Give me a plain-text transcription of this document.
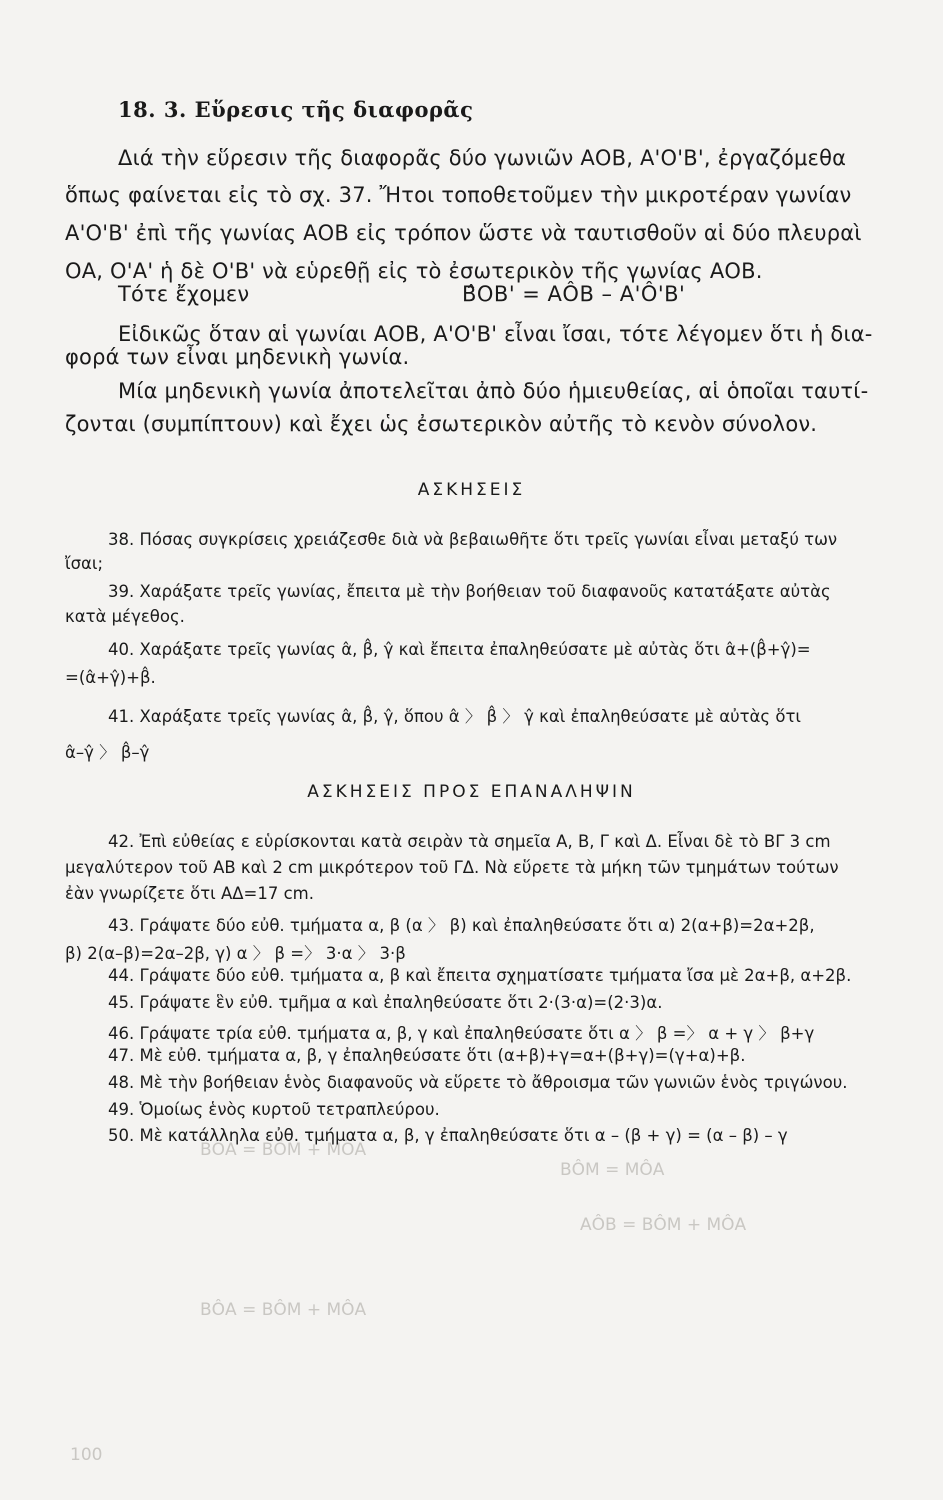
ΒÔΜ = ΜÔΑ
ΒÔΑ = ΒÔΜ + ΜÔΑ
ΑÔΒ = ΒÔΜ + ΜÔΑ
ΒÔΑ = ΒÔΜ + ΜÔΑ
100
18. 3. Εὕρεσις τῆς διαφορᾶς
Διά τὴν εὕρεσιν τῆς διαφορᾶς δύο γωνιῶν ΑΟΒ, Α'Ο'Β', ἐργαζόμεθα
ὅπως φαίνεται εἰς τὸ σχ. 37. Ἤτοι τοποθετοῦμεν τὴν μικροτέραν γωνίαν
Α'Ο'Β' ἐπὶ τῆς γωνίας ΑΟΒ εἰς τρόπον ὥστε νὰ ταυτισθοῦν αἱ δύο πλευραὶ
ΟΑ, Ο'Α' ἡ δὲ Ο'Β' νὰ εὑρεθῇ εἰς τὸ ἐσωτερικὸν τῆς γωνίας ΑΟΒ.
Τότε ἔχομεν	Β̂ΟΒ' = ΑÔΒ – Α'Ô'Β'
Εἰδικῶς ὅταν αἱ γωνίαι ΑΟΒ, Α'Ο'Β' εἶναι ἴσαι, τότε λέγομεν ὅτι ἡ δια-
φορά των εἶναι μηδενικὴ γωνία.
Μία μηδενικὴ γωνία ἀποτελεῖται ἀπὸ δύο ἡμιευθείας, αἱ ὁποῖαι ταυτί-
ζονται (συμπίπτουν) καὶ ἔχει ὡς ἐσωτερικὸν αὐτῆς τὸ κενὸν σύνολον.
ΑΣΚΗΣΕΙΣ
38. Πόσας συγκρίσεις χρειάζεσθε διὰ νὰ βεβαιωθῆτε ὅτι τρεῖς γωνίαι εἶναι μεταξύ των
ἴσαι;
39. Χαράξατε τρεῖς γωνίας, ἔπειτα μὲ τὴν βοήθειαν τοῦ διαφανοῦς κατατάξατε αὐτὰς
κατὰ μέγεθος.
40. Χαράξατε τρεῖς γωνίας α̂, β̂, γ̂ καὶ ἔπειτα ἐπαληθεύσατε μὲ αὐτὰς ὅτι α̂+(β̂+γ̂)=
=(α̂+γ̂)+β̂.
41. Χαράξατε τρεῖς γωνίας α̂, β̂, γ̂, ὅπου α̂ 〉 β̂ 〉 γ̂ καὶ ἐπαληθεύσατε μὲ αὐτὰς ὅτι
α̂–γ̂ 〉 β̂–γ̂
ΑΣΚΗΣΕΙΣ ΠΡΟΣ ΕΠΑΝΑΛΗΨΙΝ
42. Ἐπὶ εὐθείας ε εὑρίσκονται κατὰ σειρὰν τὰ σημεῖα Α, Β, Γ καὶ Δ. Εἶναι δὲ τὸ ΒΓ 3 cm
μεγαλύτερον τοῦ ΑΒ καὶ 2 cm μικρότερον τοῦ ΓΔ. Νὰ εὕρετε τὰ μήκη τῶν τμημάτων τούτων
ἐὰν γνωρίζετε ὅτι ΑΔ=17 cm.
43. Γράψατε δύο εὐθ. τμήματα α, β (α 〉 β) καὶ ἐπαληθεύσατε ὅτι α) 2(α+β)=2α+2β,
β) 2(α–β)=2α–2β, γ) α 〉 β =〉 3·α 〉 3·β
44. Γράψατε δύο εὐθ. τμήματα α, β καὶ ἔπειτα σχηματίσατε τμήματα ἴσα μὲ 2α+β, α+2β.
45. Γράψατε ἓν εὐθ. τμῆμα α καὶ ἐπαληθεύσατε ὅτι 2·(3·α)=(2·3)α.
46. Γράψατε τρία εὐθ. τμήματα α, β, γ καὶ ἐπαληθεύσατε ὅτι α 〉 β =〉 α + γ 〉 β+γ
47. Μὲ εὐθ. τμήματα α, β, γ ἐπαληθεύσατε ὅτι (α+β)+γ=α+(β+γ)=(γ+α)+β.
48. Μὲ τὴν βοήθειαν ἑνὸς διαφανοῦς νὰ εὕρετε τὸ ἄθροισμα τῶν γωνιῶν ἑνὸς τριγώνου.
49. Ὁμοίως ἑνὸς κυρτοῦ τετραπλεύρου.
50. Μὲ κατάλληλα εὐθ. τμήματα α, β, γ ἐπαληθεύσατε ὅτι α – (β + γ) = (α – β) – γ
